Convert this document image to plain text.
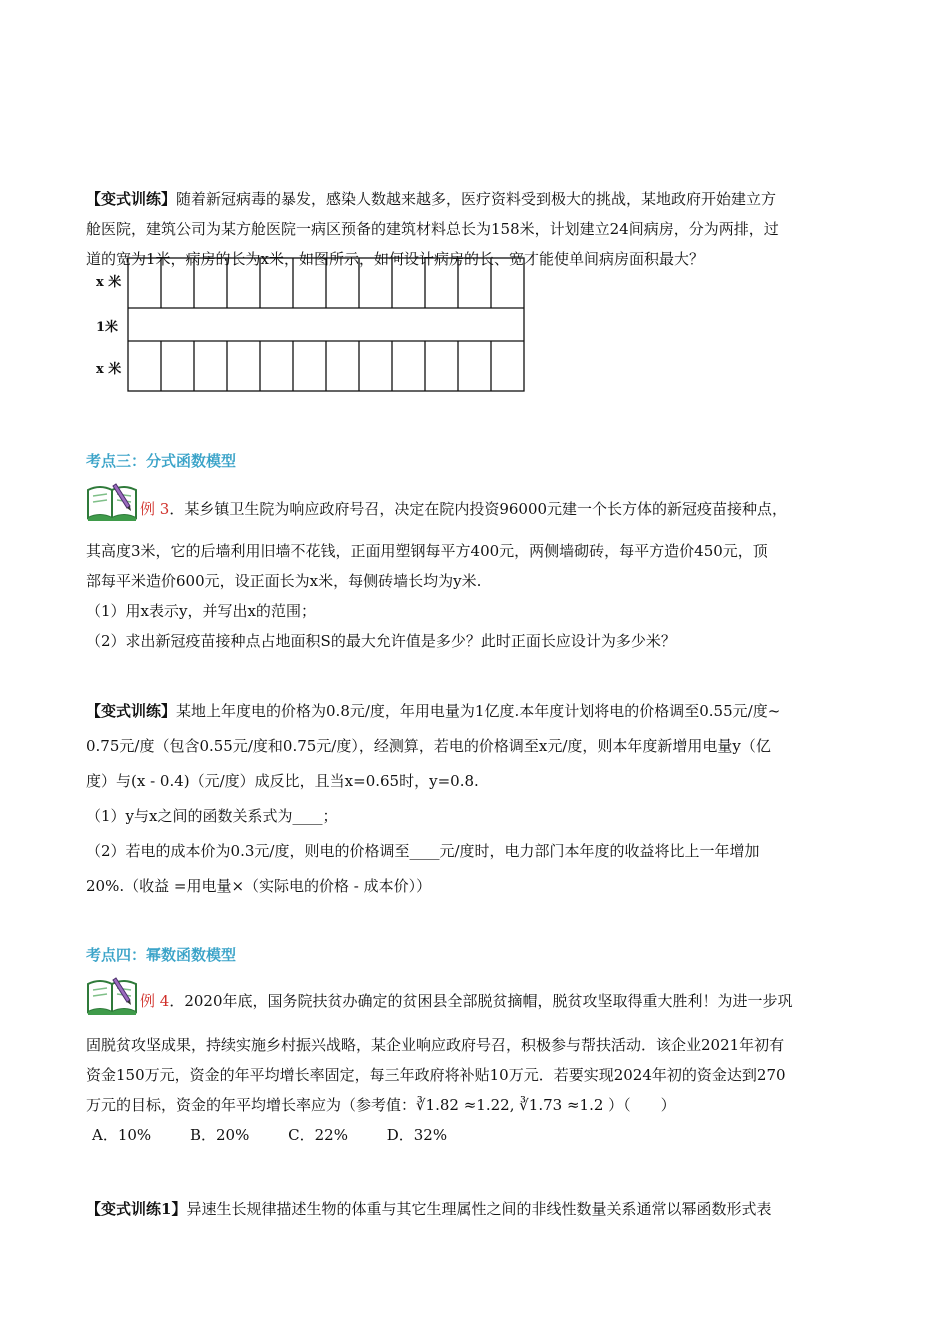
【变式训练】随着新冠病毒的暴发，感染人数越来越多，医疗资料受到极大的挑战，某地政府开始建立方
舱医院，建筑公司为某方舱医院一病区预备的建筑材料总长为158米，计划建立24间病房，分为两排，过
道的宽为1米，病房的长为x米，如图所示，如何设计病房的长、宽才能使单间病房面积最大？
x 米
1米
x 米
考点三：分式函数模型
例 3．某乡镇卫生院为响应政府号召，决定在院内投资96000元建一个长方体的新冠疫苗接种点，
其高度3米，它的后墙利用旧墙不花钱，正面用塑钢每平方400元，两侧墙砌砖，每平方造价450元，顶
部每平米造价600元，设正面长为x米，每侧砖墙长均为y米.
（1）用x表示y，并写出x的范围；
（2）求出新冠疫苗接种点占地面积S的最大允许值是多少？此时正面长应设计为多少米？
【变式训练】某地上年度电的价格为0.8元/度，年用电量为1亿度.本年度计划将电的价格调至0.55元/度~
0.75元/度（包含0.55元/度和0.75元/度），经测算，若电的价格调至x元/度，则本年度新增用电量y（亿
度）与(x - 0.4)（元/度）成反比，且当x=0.65时，y=0.8.
（1）y与x之间的函数关系式为____；
（2）若电的成本价为0.3元/度，则电的价格调至____元/度时，电力部门本年度的收益将比上一年增加
20%.（收益 =用电量×（实际电的价格 - 成本价））
考点四：幂数函数模型
例 4．2020年底，国务院扶贫办确定的贫困县全部脱贫摘帽，脱贫攻坚取得重大胜利！为进一步巩
固脱贫攻坚成果，持续实施乡村振兴战略，某企业响应政府号召，积极参与帮扶活动．该企业2021年初有
资金150万元，资金的年平均增长率固定，每三年政府将补贴10万元．若要实现2024年初的资金达到270
万元的目标，资金的年平均增长率应为（参考值：∛1.82 ≈1.22, ∛1.73 ≈1.2 ）（　　）
A．10%	B．20%	C．22%	D．32%
【变式训练1】异速生长规律描述生物的体重与其它生理属性之间的非线性数量关系通常以幂函数形式表
